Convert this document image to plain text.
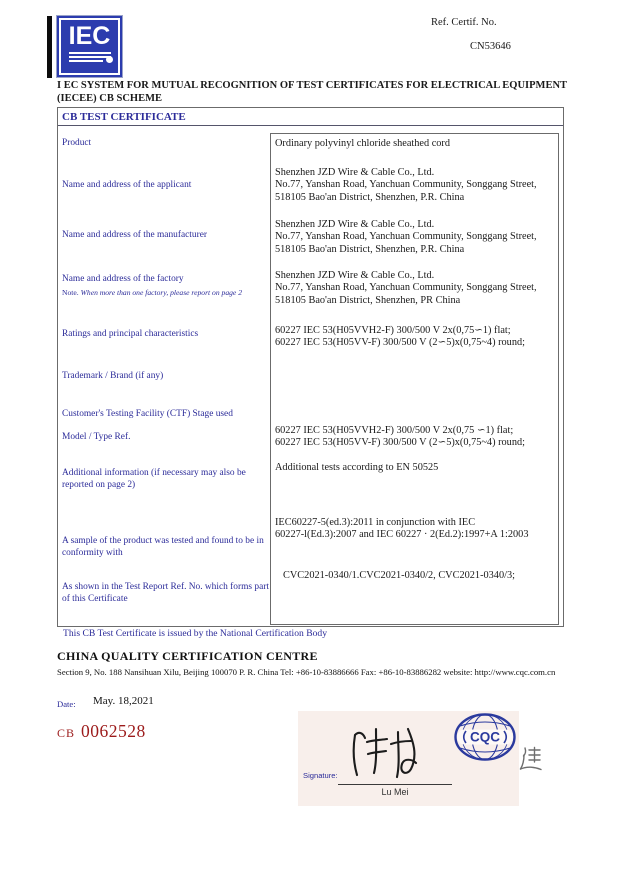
IEC	Ref. Certif. No.
CN53646
I EC SYSTEM FOR MUTUAL RECOGNITION OF TEST CERTIFICATES FOR ELECTRICAL EQUIPMENT (IECEE) CB SCHEME
CB TEST CERTIFICATE
Product
Name and address of the applicant
Name and address of the manufacturer
Name and address of the factory
Note. When more than one factory, please report on page 2
Ratings and principal characteristics
Trademark / Brand (if any)
Customer's Testing Facility (CTF) Stage used
Model / Type Ref.
Additional information (if necessary may also be reported on page 2)
A sample of the product was tested and found to be in conformity with
As shown in the Test Report Ref. No. which forms part of this Certificate
Ordinary polyvinyl chloride sheathed cord
Shenzhen JZD Wire & Cable Co., Ltd.
No.77, Yanshan Road, Yanchuan Community, Songgang Street,
518105 Bao'an District, Shenzhen, P.R. China
Shenzhen JZD Wire & Cable Co., Ltd.
No.77, Yanshan Road, Yanchuan Community, Songgang Street,
518105 Bao'an District, Shenzhen, P.R. China
Shenzhen JZD Wire & Cable Co., Ltd.
No.77, Yanshan Road, Yanchuan Community, Songgang Street,
518105 Bao'an District, Shenzhen, PR China
60227 IEC 53(H05VVH2-F) 300/500 V 2x(0,75∽1) flat;
60227 IEC 53(H05VV-F) 300/500 V (2∽5)x(0,75~4) round;
60227 IEC 53(H05VVH2-F) 300/500 V 2x(0,75 ∽1) flat;
60227 IEC 53(H05VV-F) 300/500 V (2∽5)x(0,75~4) round;
Additional tests according to EN 50525
IEC60227-5(ed.3):2011 in conjunction with IEC
60227-l(Ed.3):2007 and IEC 60227 · 2(Ed.2):1997+A 1:2003
CVC2021-0340/1.CVC2021-0340/2, CVC2021-0340/3;
This CB Test Certificate is issued by the National Certification Body
CHINA QUALITY CERTIFICATION CENTRE
Section 9, No. 188 Nansihuan Xilu, Beijing 100070 P. R. China Tel: +86-10-83886666 Fax: +86-10-83886282 website: http://www.cqc.com.cn
Date: May. 18,2021
CB 0062528	CQC
Signature:
Lu Mei
